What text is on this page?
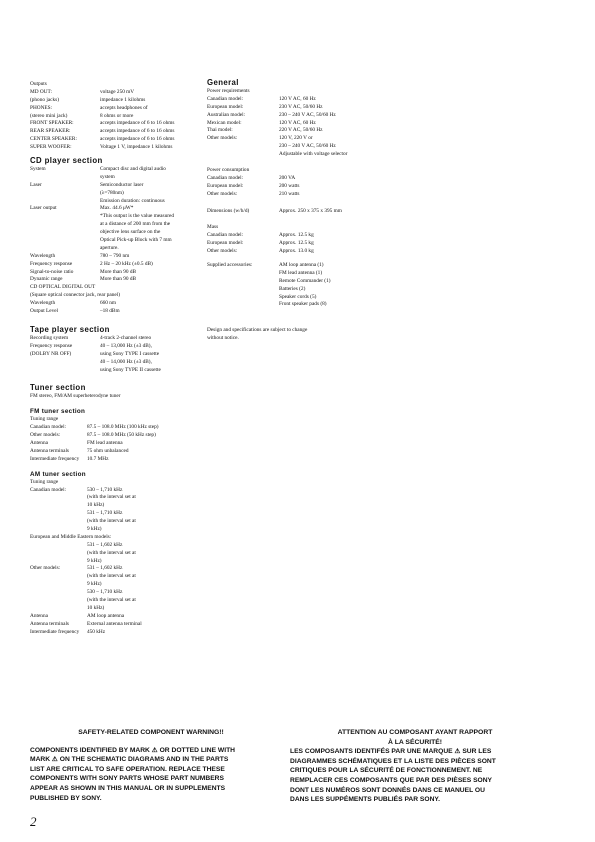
Outputs
MD OUT:	voltage 250 mV
(phono jacks)	impedance 1 kilohms
PHONES:	accepts headphones of
(stereo mini jack)	8 ohms or more
FRONT SPEAKER:	accepts impedance of 6 to 16 ohms
REAR SPEAKER:	accepts impedance of 6 to 16 ohms
CENTER SPEAKER:	accepts impedance of 6 to 16 ohms
SUPER WOOFER:	Voltage 1 V, impedance 1 kilohms
CD player section
System	Compact disc and digital audio
system
Laser	Semiconductor laser
(λ=780nm)
Emission duration: continuous
Laser output	Max. 44.6 μW*
*This output is the value measured
at a distance of 200 mm from the
objective lens surface on the
Optical Pick-up Block with 7 mm
aperture.
Wavelength	780 – 790 nm
Frequency response	2 Hz – 20 kHz (±0.5 dB)
Signal-to-noise ratio	More than 90 dB
Dynamic range	More than 90 dB
CD OPTICAL DIGITAL OUT
(Square optical connector jack, rear panel)
Wavelength	660 nm
Output Level	–18 dBm
Tape player section
Recording system	4-track 2-channel stereo
Frequency response	40 – 13,000 Hz (±3 dB),
(DOLBY NR OFF)	using Sony TYPE I cassette
40 – 14,000 Hz (±3 dB),
using Sony TYPE II cassette
Tuner section
FM stereo, FM/AM superheterodyne tuner
FM tuner section
Tuning range
Canadian model:	87.5 – 108.0 MHz (100 kHz step)
Other models:	87.5 – 108.0 MHz (50 kHz step)
Antenna	FM lead antenna
Antenna terminals	75 ohm unbalanced
Intermediate frequency 10.7 MHz
AM tuner section
Tuning range
Canadian model:	530 – 1,710 kHz
(with the interval set at
10 kHz)
531 – 1,710 kHz
(with the interval set at
9 kHz)
European and Middle Eastern models:
531 – 1,602 kHz
(with the interval set at
9 kHz)
Other models:	531 – 1,602 kHz
(with the interval set at
9 kHz)
530 – 1,710 kHz
(with the interval set at
10 kHz)
Antenna	AM loop antenna
Antenna terminals	External antenna terminal
Intermediate frequency 450 kHz
General
Power requirements
Canadian model:	120 V AC, 60 Hz
European model:	230 V AC, 50/60 Hz
Australian model:	230 – 240 V AC, 50/60 Hz
Mexican model:	120 V AC, 60 Hz
Thai model:	220 V AC, 50/60 Hz
Other models:	120 V, 220 V or
230 – 240 V AC, 50/60 Hz
Adjustable with voltage selector
Power consumption
Canadian model:	200 VA
European model:	200 watts
Other models:	210 watts
Dimensions (w/h/d)	Approx. 250 x 375 x 395 mm
Mass
Canadian model:	Approx. 12.5 kg
European model:	Approx. 12.5 kg
Other models:	Approx. 13.0 kg
Supplied accessories:	AM loop antenna (1)
FM lead antenna (1)
Remote Commander (1)
Batteries (2)
Speaker cords (5)
Front speaker pads (8)
Design and specifications are subject to change
without notice.
SAFETY-RELATED COMPONENT WARNING!!
COMPONENTS IDENTIFIED BY MARK ⚠ OR DOTTED LINE WITH
MARK ⚠ ON THE SCHEMATIC DIAGRAMS AND IN THE PARTS
LIST ARE CRITICAL TO SAFE OPERATION. REPLACE THESE
COMPONENTS WITH SONY PARTS WHOSE PART NUMBERS
APPEAR AS SHOWN IN THIS MANUAL OR IN SUPPLEMENTS
PUBLISHED BY SONY.
ATTENTION AU COMPOSANT AYANT RAPPORT
À LA SÉCURITÉ!
LES COMPOSANTS IDENTIFÉS PAR UNE MARQUE ⚠ SUR LES
DIAGRAMMES SCHÉMATIQUES ET LA LISTE DES PIÈCES SONT
CRITIQUES POUR LA SÉCURITÉ DE FONCTIONNEMENT. NE
REMPLACER CES COMPOSANTS QUE PAR DES PIÈSES SONY
DONT LES NUMÉROS SONT DONNÉS DANS CE MANUEL OU
DANS LES SUPPÉMENTS PUBLIÉS PAR SONY.
2
